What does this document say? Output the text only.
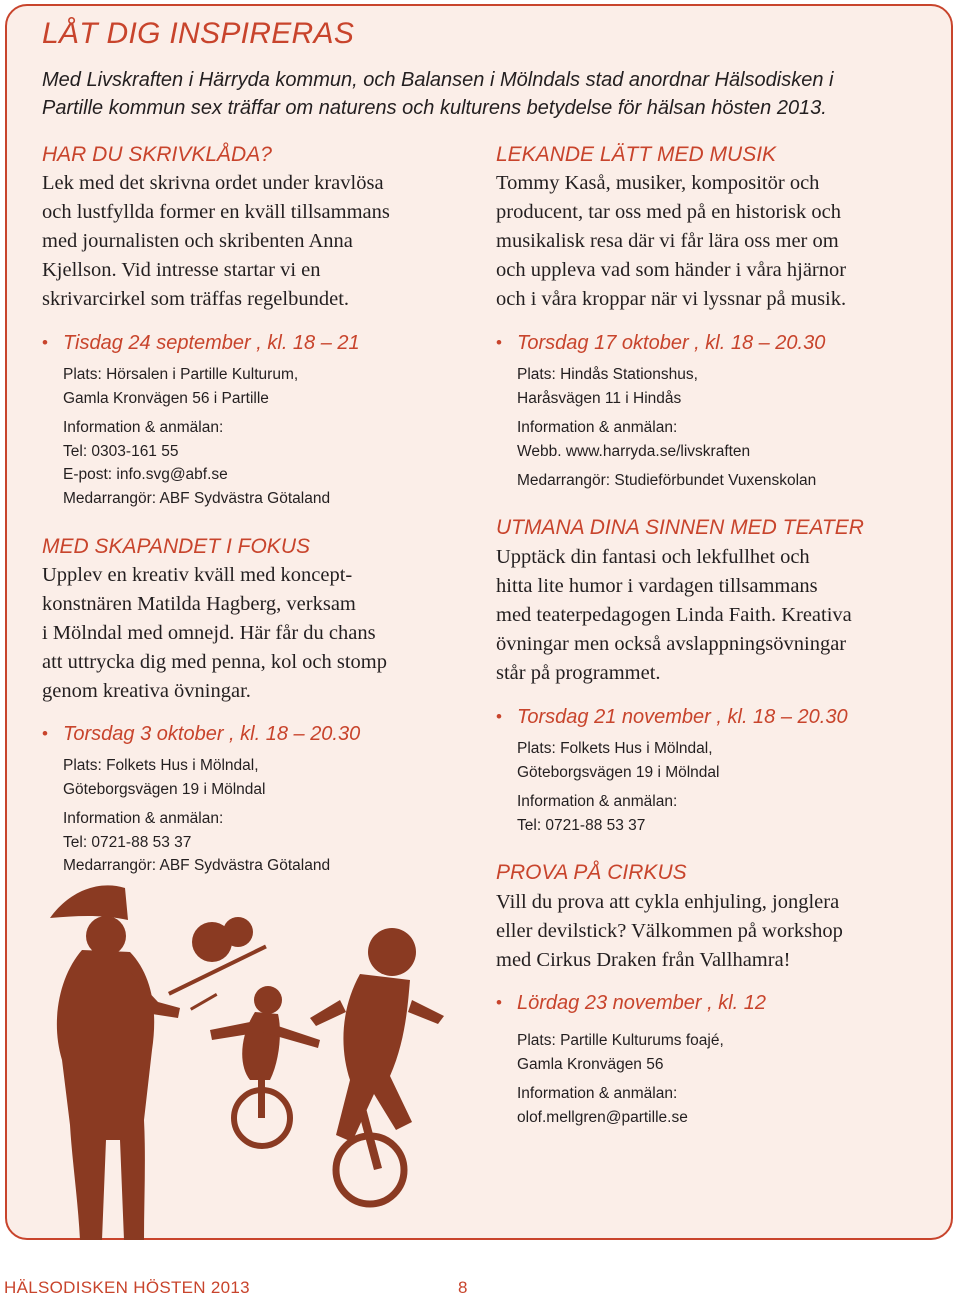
LÅT DIG INSPIRERAS

Med Livskraften i Härryda kommun, och Balansen i Mölndals stad anordnar Hälsodisken i
Partille kommun sex träffar om naturens och kulturens betydelse för hälsan hösten 2013.

HAR DU SKRIVKLÅDA?

Lek med det skrivna ordet under kravlösa
och lustfyllda former en kväll tillsammans
med journalisten och skribenten Anna
Kjellson. Vid intresse startar vi en
skrivarcirkel som träffas regelbundet.

• Tisdag 24 september , kl. 18 – 21

Plats: Hörsalen i Partille Kulturum,
Gamla Kronvägen 56 i Partille
Information & anmälan:
Tel: 0303-161 55
E-post: info.svg@abf.se
Medarrangör: ABF Sydvästra Götaland
MED SKAPANDET I FOKUS

Upplev en kreativ kväll med koncept-
konstnären Matilda Hagberg, verksam
i Mölndal med omnejd. Här får du chans
att uttrycka dig med penna, kol och stomp
genom kreativa övningar.

• Torsdag 3 oktober , kl. 18 – 20.30

Plats: Folkets Hus i Mölndal,
Göteborgsvägen 19 i Mölndal
Information & anmälan:
Tel: 0721-88 53 37
Medarrangör: ABF Sydvästra Götaland
LEKANDE LÄTT MED MUSIK

Tommy Kaså, musiker, kompositör och
producent, tar oss med på en historisk och
musikalisk resa där vi får lära oss mer om
och uppleva vad som händer i våra hjärnor
och i våra kroppar när vi lyssnar på musik.

• Torsdag 17 oktober , kl. 18 – 20.30

Plats: Hindås Stationshus,
Haråsvägen 11 i Hindås
Information & anmälan:
Webb. www.harryda.se/livskraften
Medarrangör: Studieförbundet Vuxenskolan
UTMANA DINA SINNEN MED TEATER

Upptäck din fantasi och lekfullhet och
hitta lite humor i vardagen tillsammans
med teaterpedagogen Linda Faith. Kreativa
övningar men också avslappningsövningar
står på programmet.

• Torsdag 21 november , kl. 18 – 20.30

Plats: Folkets Hus i Mölndal,
Göteborgsvägen 19 i Mölndal
Information & anmälan:
Tel: 0721-88 53 37
PROVA PÅ CIRKUS

Vill du prova att cykla enhjuling, jonglera
eller devilstick? Välkommen på workshop
med Cirkus Draken från Vallhamra!

• Lördag 23 november , kl. 12

Plats: Partille Kulturums foajé,
Gamla Kronvägen 56
Information & anmälan:
olof.mellgren@partille.se
HÄLSODISKEN HÖSTEN 2013	8
